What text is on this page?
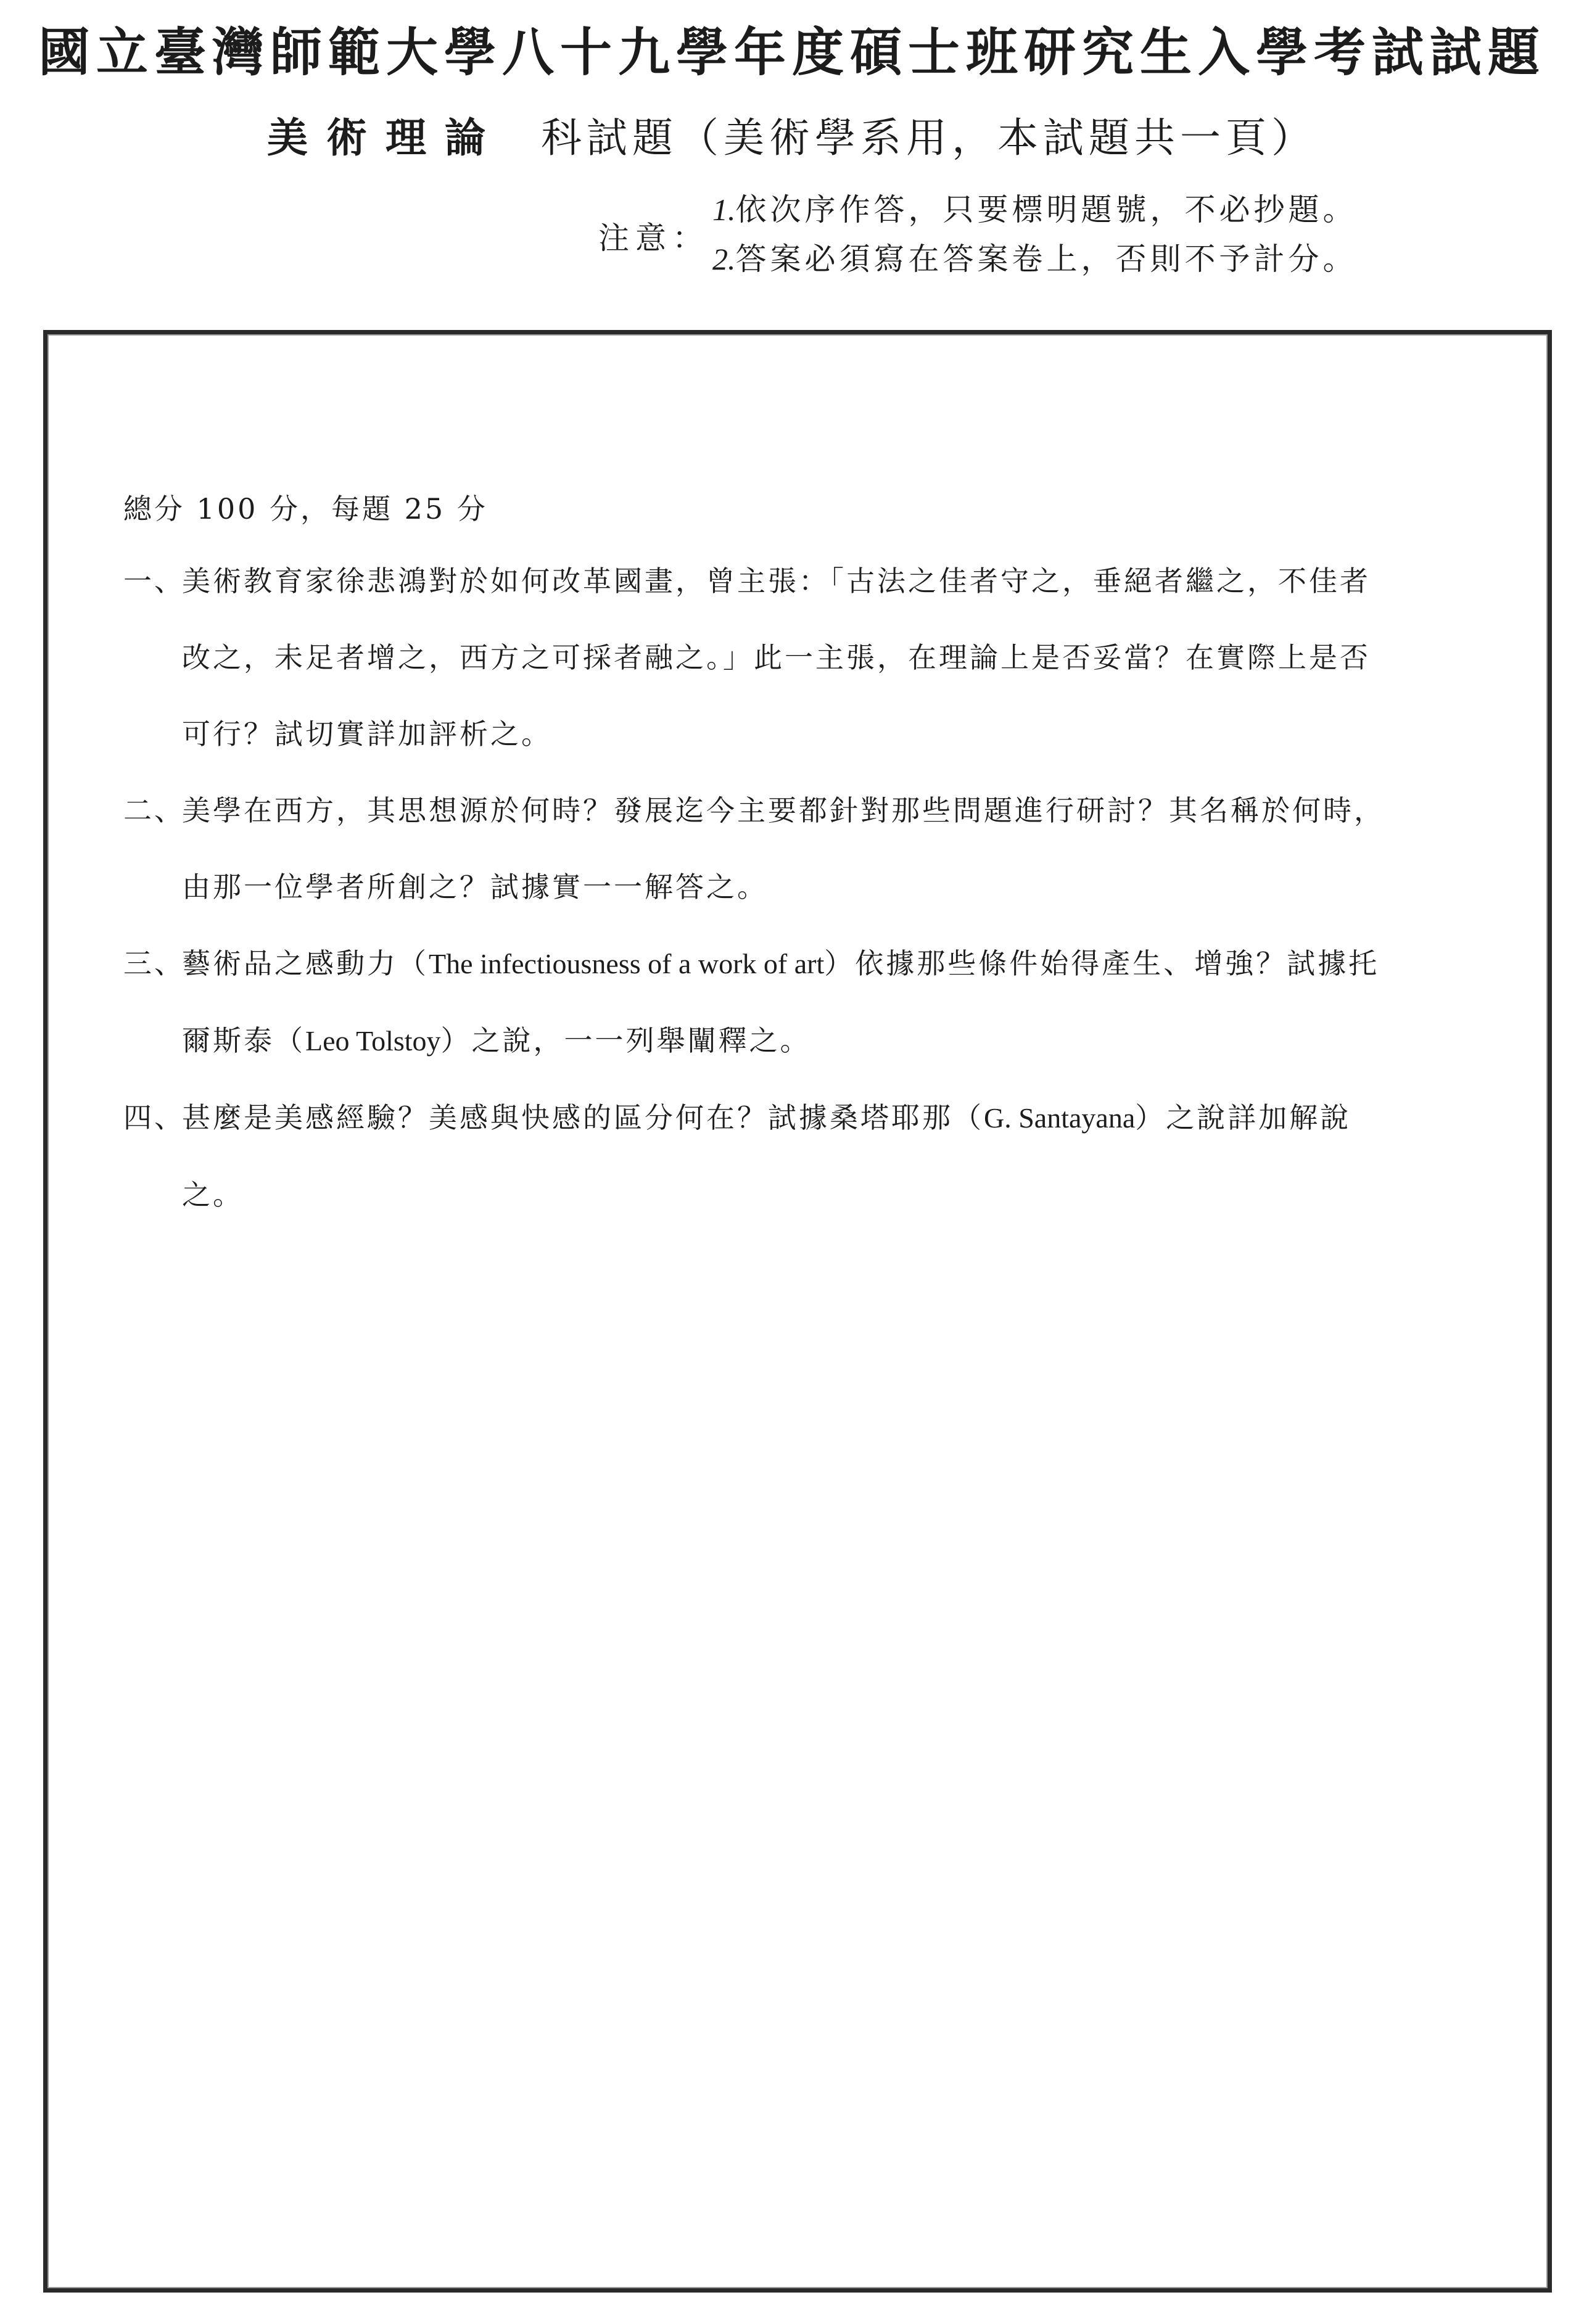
國立臺灣師範大學八十九學年度碩士班研究生入學考試試題
美術理論 科試題（美術學系用，本試題共一頁）
注意：
1.依次序作答，只要標明題號，不必抄題。
2.答案必須寫在答案卷上，否則不予計分。
總分 100 分，每題 25 分
一、
美術教育家徐悲鴻對於如何改革國畫，曾主張：「古法之佳者守之，垂絕者繼之，不佳者改之，未足者增之，西方之可採者融之。」此一主張，在理論上是否妥當？在實際上是否可行？試切實詳加評析之。
二、
美學在西方，其思想源於何時？發展迄今主要都針對那些問題進行研討？其名稱於何時，由那一位學者所創之？試據實一一解答之。
三、
藝術品之感動力（The infectiousness of a work of art）依據那些條件始得產生、增強？試據托爾斯泰（Leo Tolstoy）之說，一一列舉闡釋之。
四、
甚麼是美感經驗？美感與快感的區分何在？試據桑塔耶那（G. Santayana）之說詳加解說之。
